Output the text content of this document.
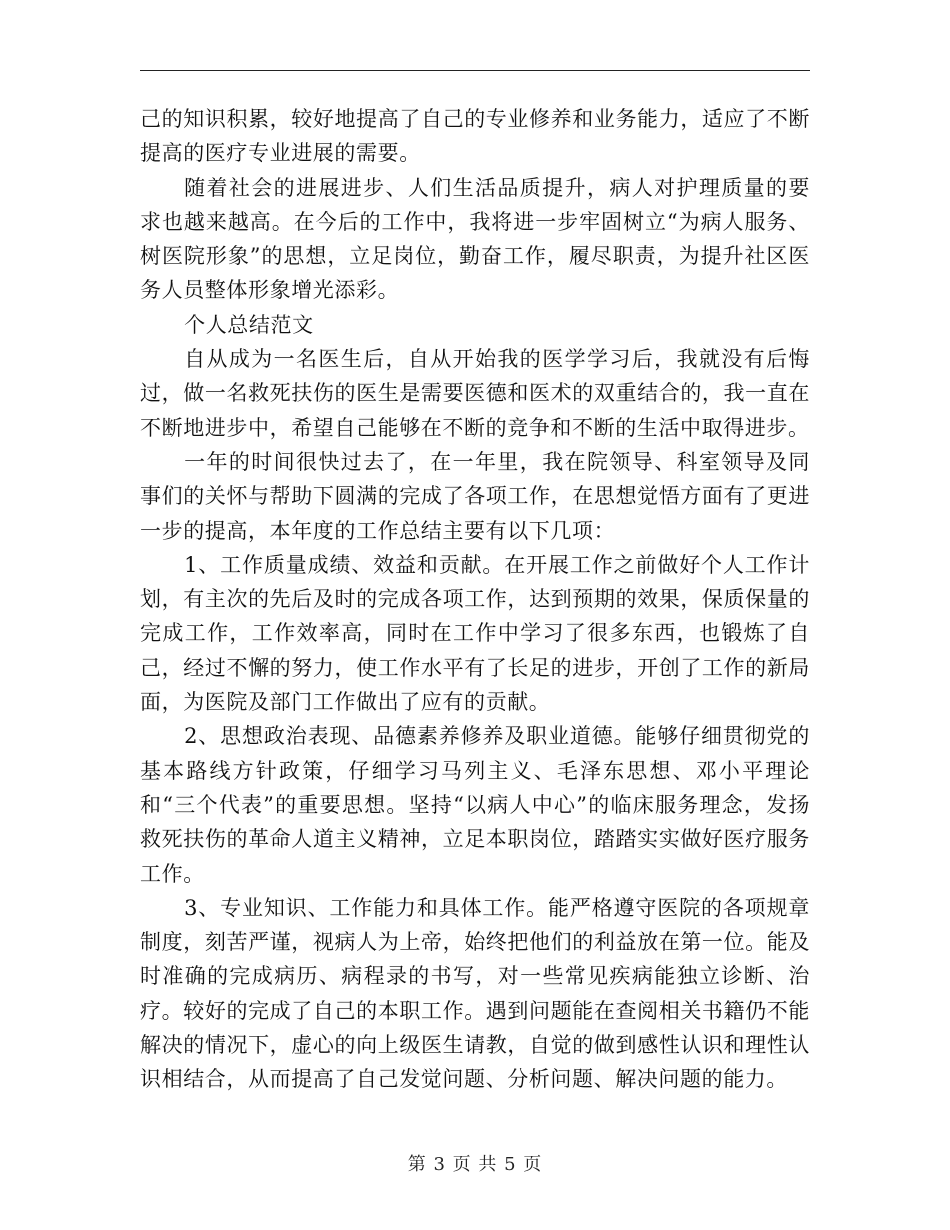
己的知识积累，较好地提高了自己的专业修养和业务能力，适应了不断提高的医疗专业进展的需要。

随着社会的进展进步、人们生活品质提升，病人对护理质量的要求也越来越高。在今后的工作中，我将进一步牢固树立“为病人服务、树医院形象”的思想，立足岗位，勤奋工作，履尽职责，为提升社区医务人员整体形象增光添彩。

个人总结范文

自从成为一名医生后，自从开始我的医学学习后，我就没有后悔过，做一名救死扶伤的医生是需要医德和医术的双重结合的，我一直在不断地进步中，希望自己能够在不断的竞争和不断的生活中取得进步。

一年的时间很快过去了，在一年里，我在院领导、科室领导及同事们的关怀与帮助下圆满的完成了各项工作，在思想觉悟方面有了更进一步的提高，本年度的工作总结主要有以下几项：

1、工作质量成绩、效益和贡献。在开展工作之前做好个人工作计划，有主次的先后及时的完成各项工作，达到预期的效果，保质保量的完成工作，工作效率高，同时在工作中学习了很多东西，也锻炼了自己，经过不懈的努力，使工作水平有了长足的进步，开创了工作的新局面，为医院及部门工作做出了应有的贡献。

2、思想政治表现、品德素养修养及职业道德。能够仔细贯彻党的基本路线方针政策，仔细学习马列主义、毛泽东思想、邓小平理论和“三个代表”的重要思想。坚持“以病人中心”的临床服务理念，发扬救死扶伤的革命人道主义精神，立足本职岗位，踏踏实实做好医疗服务工作。

3、专业知识、工作能力和具体工作。能严格遵守医院的各项规章制度，刻苦严谨，视病人为上帝，始终把他们的利益放在第一位。能及时准确的完成病历、病程录的书写，对一些常见疾病能独立诊断、治疗。较好的完成了自己的本职工作。遇到问题能在查阅相关书籍仍不能解决的情况下，虚心的向上级医生请教，自觉的做到感性认识和理性认识相结合，从而提高了自己发觉问题、分析问题、解决问题的能力。

第 3 页 共 5 页
